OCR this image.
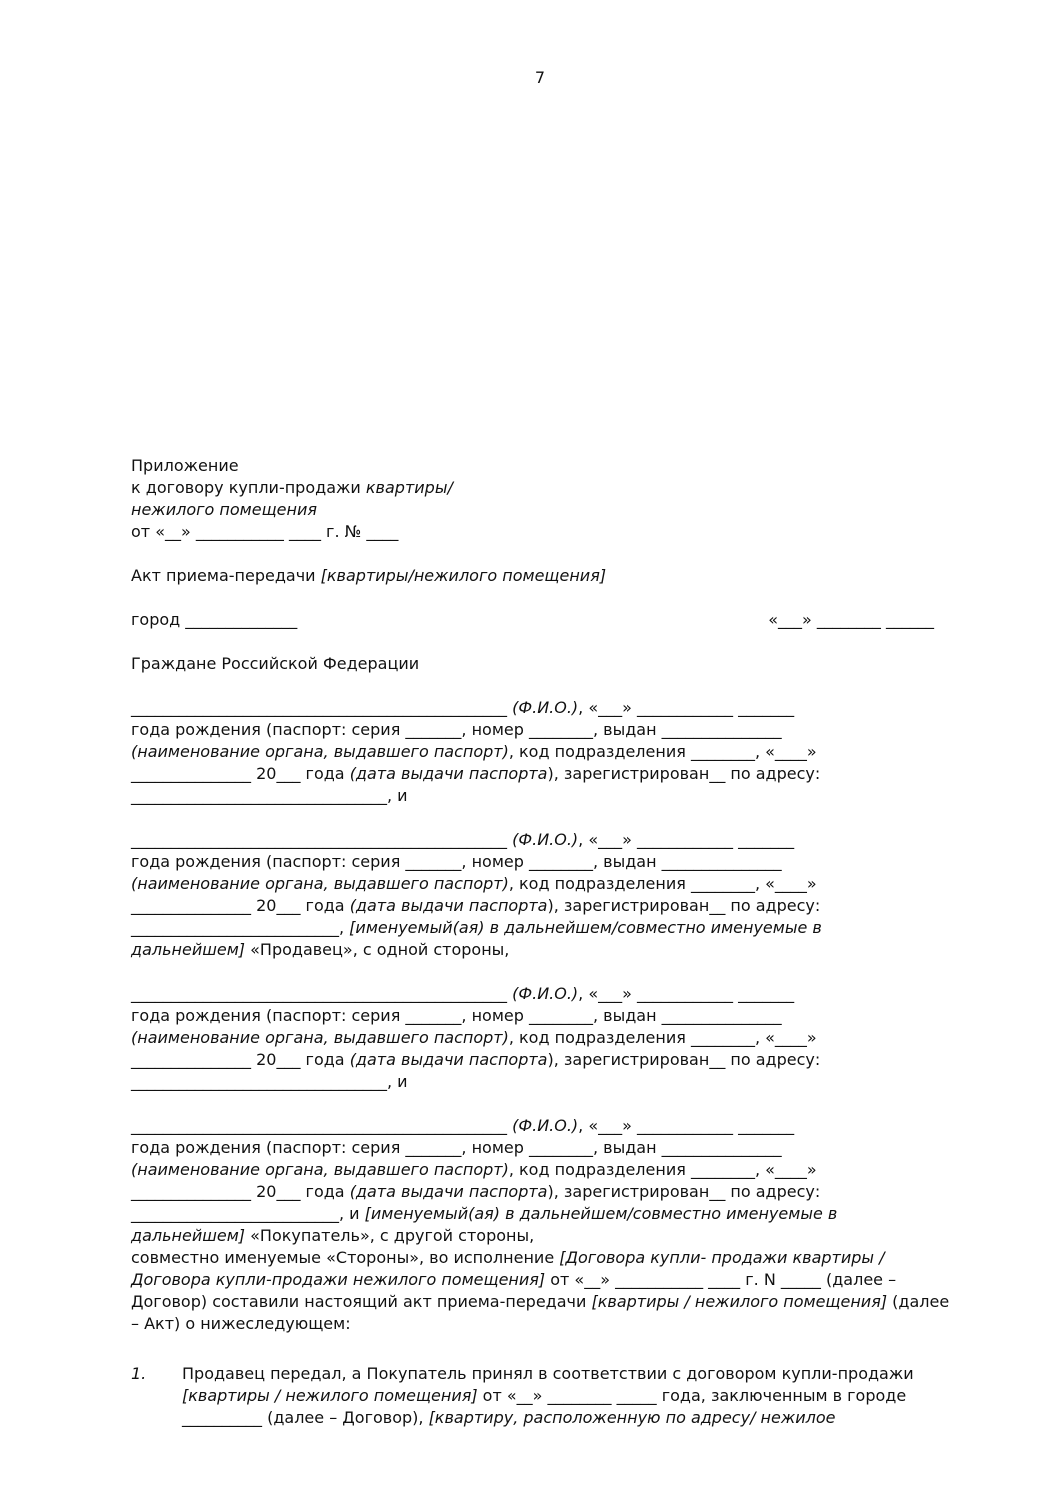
7
Приложение
к договору купли-продажи квартиры/
нежилого помещения
от «__» ___________ ____ г. № ____
Акт приема-передачи [квартиры/нежилого помещения]
город ______________	«___» ________ ______
Граждане Российской Федерации
_______________________________________________ (Ф.И.О.), «___» ____________ _______
года рождения (паспорт: серия _______, номер ________, выдан _______________
(наименование органа, выдавшего паспорт), код подразделения ________, «____»
_______________ 20___ года (дата выдачи паспорта), зарегистрирован__ по адресу:
________________________________, и
_______________________________________________ (Ф.И.О.), «___» ____________ _______
года рождения (паспорт: серия _______, номер ________, выдан _______________
(наименование органа, выдавшего паспорт), код подразделения ________, «____»
_______________ 20___ года (дата выдачи паспорта), зарегистрирован__ по адресу:
__________________________, [именуемый(ая) в дальнейшем/совместно именуемые в
дальнейшем] «Продавец», с одной стороны,
_______________________________________________ (Ф.И.О.), «___» ____________ _______
года рождения (паспорт: серия _______, номер ________, выдан _______________
(наименование органа, выдавшего паспорт), код подразделения ________, «____»
_______________ 20___ года (дата выдачи паспорта), зарегистрирован__ по адресу:
________________________________, и
_______________________________________________ (Ф.И.О.), «___» ____________ _______
года рождения (паспорт: серия _______, номер ________, выдан _______________
(наименование органа, выдавшего паспорт), код подразделения ________, «____»
_______________ 20___ года (дата выдачи паспорта), зарегистрирован__ по адресу:
__________________________, и [именуемый(ая) в дальнейшем/совместно именуемые в
дальнейшем] «Покупатель», с другой стороны,
совместно именуемые «Стороны», во исполнение [Договора купли- продажи квартиры /
Договора купли-продажи нежилого помещения] от «__» ___________ ____ г. N _____ (далее –
Договор) составили настоящий акт приема-передачи [квартиры / нежилого помещения] (далее
– Акт) о нижеследующем:
1.	Продавец передал, а Покупатель принял в соответствии с договором купли-продажи
[квартиры / нежилого помещения] от «__» ________ _____ года, заключенным в городе
__________ (далее – Договор), [квартиру, расположенную по адресу/ нежилое
